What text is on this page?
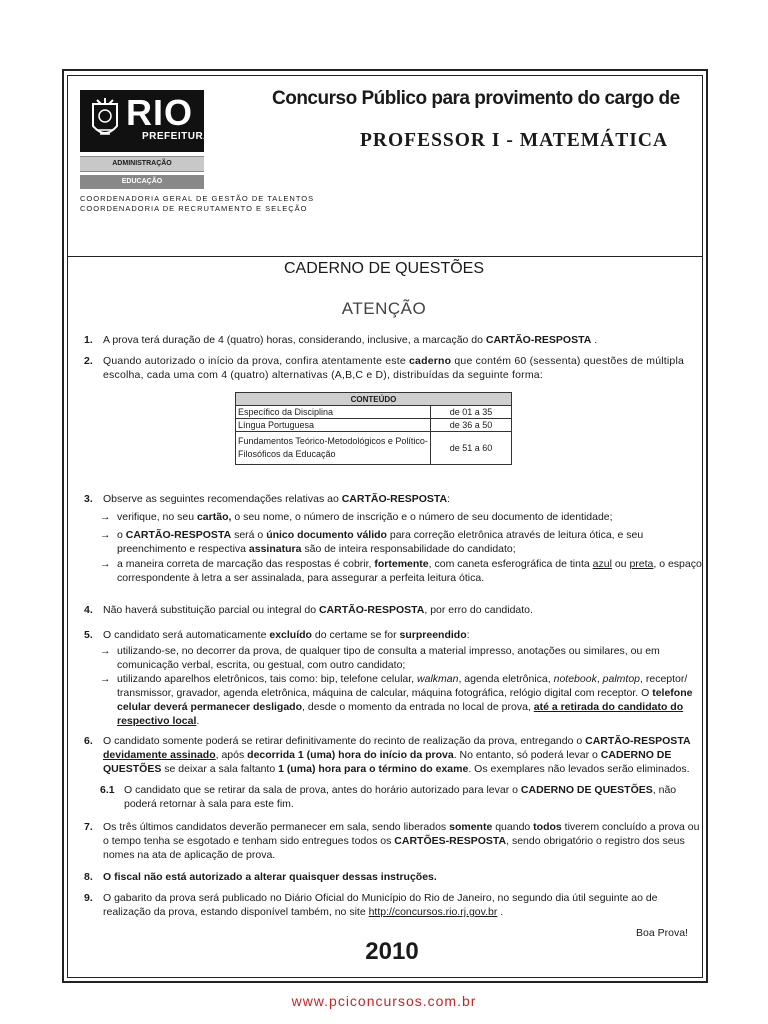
RIO
PREFEITURA
ADMINISTRAÇÃO
EDUCAÇÃO
COORDENADORIA GERAL DE GESTÃO DE TALENTOS
COORDENADORIA DE RECRUTAMENTO E SELEÇÃO
Concurso Público para provimento do cargo de
PROFESSOR I - MATEMÁTICA
CADERNO DE QUESTÕES
ATENÇÃO
1. A prova terá duração de 4 (quatro) horas, considerando, inclusive, a marcação do CARTÃO-RESPOSTA .
2. Quando autorizado o início da prova, confira atentamente este caderno que contém 60 (sessenta) questões de múltipla escolha, cada uma com 4 (quatro) alternativas (A,B,C e D), distribuídas da seguinte forma:
CONTEÚDO	
Específico da Disciplina	de 01 a 35
Língua Portuguesa	de 36 a 50
Fundamentos Teórico-Metodológicos e Político-Filosóficos da Educação	de 51 a 60
3. Observe as seguintes recomendações relativas ao CARTÃO-RESPOSTA:
→ verifique, no seu cartão, o seu nome, o número de inscrição e o número de seu documento de identidade;
→ o CARTÃO-RESPOSTA será o único documento válido para correção eletrônica através de leitura ótica, e seu preenchimento e respectiva assinatura são de inteira responsabilidade do candidato;
→ a maneira correta de marcação das respostas é cobrir, fortemente, com caneta esferográfica de tinta azul ou preta, o espaço correspondente à letra a ser assinalada, para assegurar a perfeita leitura ótica.
4. Não haverá substituição parcial ou integral do CARTÃO-RESPOSTA, por erro do candidato.
5. O candidato será automaticamente excluído do certame se for surpreendido:
→ utilizando-se, no decorrer da prova, de qualquer tipo de consulta a material impresso, anotações ou similares, ou em comunicação verbal, escrita, ou gestual, com outro candidato;
→ utilizando aparelhos eletrônicos, tais como: bip, telefone celular, walkman, agenda eletrônica, notebook, palmtop, receptor/ transmissor, gravador, agenda eletrônica, máquina de calcular, máquina fotográfica, relógio digital com receptor. O telefone celular deverá permanecer desligado, desde o momento da entrada no local de prova, até a retirada do candidato do respectivo local.
6. O candidato somente poderá se retirar definitivamente do recinto de realização da prova, entregando o CARTÃO-RESPOSTA devidamente assinado, após decorrida 1 (uma) hora do início da prova. No entanto, só poderá levar o CADERNO DE QUESTÕES se deixar a sala faltanto 1 (uma) hora para o término do exame. Os exemplares não levados serão eliminados.
6.1 O candidato que se retirar da sala de prova, antes do horário autorizado para levar o CADERNO DE QUESTÕES, não poderá retornar à sala para este fim.
7. Os três últimos candidatos deverão permanecer em sala, sendo liberados somente quando todos tiverem concluído a prova ou o tempo tenha se esgotado e tenham sido entregues todos os CARTÕES-RESPOSTA, sendo obrigatório o registro dos seus nomes na ata de aplicação de prova.
8. O fiscal não está autorizado a alterar quaisquer dessas instruções.
9. O gabarito da prova será publicado no Diário Oficial do Município do Rio de Janeiro, no segundo dia útil seguinte ao de realização da prova, estando disponível também, no site http://concursos.rio.rj.gov.br .
Boa Prova!
2010
www.pciconcursos.com.br
